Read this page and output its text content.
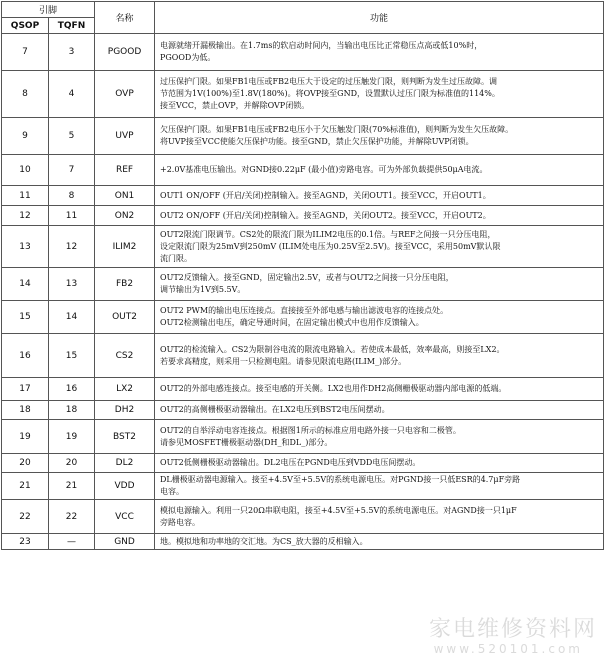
引脚		名称	功能
QSOP	TQFN		
7	3	PGOOD	电源就绪开漏极输出。在1.7ms的软启动时间内，当输出电压比正常稳压点高或低10%时，
PGOOD为低。

8	4	OVP	过压保护门限。如果FB1电压或FB2电压大于设定的过压触发门限，则判断为发生过压故障。调
节范围为1V(100%)至1.8V(180%)。将OVP接至GND，设置默认过压门限为标准值的114%。
接至VCC，禁止OVP，并解除OVP闭锁。

9	5	UVP	欠压保护门限。如果FB1电压或FB2电压小于欠压触发门限(70%标准值)，则判断为发生欠压故障。
将UVP接至VCC使能欠压保护功能。接至GND，禁止欠压保护功能，并解除UVP闭锁。

10	7	REF	+2.0V基准电压输出。对GND接0.22μF (最小值)旁路电容。可为外部负载提供50μA电流。

11	8	ON1	OUT1 ON/OFF (开启/关闭)控制输入。接至AGND，关闭OUT1。接至VCC，开启OUT1。

12	11	ON2	OUT2 ON/OFF (开启/关闭)控制输入。接至AGND，关闭OUT2。接至VCC，开启OUT2。

13	12	ILIM2	OUT2限流门限调节。CS2处的限流门限为ILIM2电压的0.1倍。与REF之间接一只分压电阻，
设定限流门限为25mV到250mV (ILIM处电压为0.25V至2.5V)。接至VCC，采用50mV默认限
流门限。

14	13	FB2	OUT2反馈输入。接至GND，固定输出2.5V，或者与OUT2之间接一只分压电阻，
调节输出为1V到5.5V。

15	14	OUT2	OUT2 PWM的输出电压连接点。直接接至外部电感与输出滤波电容的连接点处。
OUT2检测输出电压，确定导通时间，在固定输出模式中也用作反馈输入。

16	15	CS2	OUT2的检流输入。CS2为限制谷电流的限流电路输入。若使成本最低，效率最高，则接至LX2。
若要求高精度，则采用一只检测电阻。请参见限流电路(ILIM_)部分。

17	16	LX2	OUT2的外部电感连接点。接至电感的开关侧。LX2也用作DH2高侧栅极驱动器内部电源的低端。

18	18	DH2	OUT2的高侧栅极驱动器输出。在LX2电压到BST2电压间摆动。

19	19	BST2	OUT2的自举浮动电容连接点。根据图1所示的标准应用电路外接一只电容和二极管。
请参见MOSFET栅极驱动器(DH_和DL_)部分。

20	20	DL2	OUT2低侧栅极驱动器输出。DL2电压在PGND电压到VDD电压间摆动。

21	21	VDD	DL栅极驱动器电源输入。接至+4.5V至+5.5V的系统电源电压。对PGND接一只低ESR的4.7μF旁路
电容。

22	22	VCC	模拟电源输入。利用一只20Ω串联电阻，接至+4.5V至+5.5V的系统电源电压。对AGND接一只1μF
旁路电容。

23	—	GND	地。模拟地和功率地的交汇地。为CS_放大器的反相输入。
家电维修资料网
www.520101.com
